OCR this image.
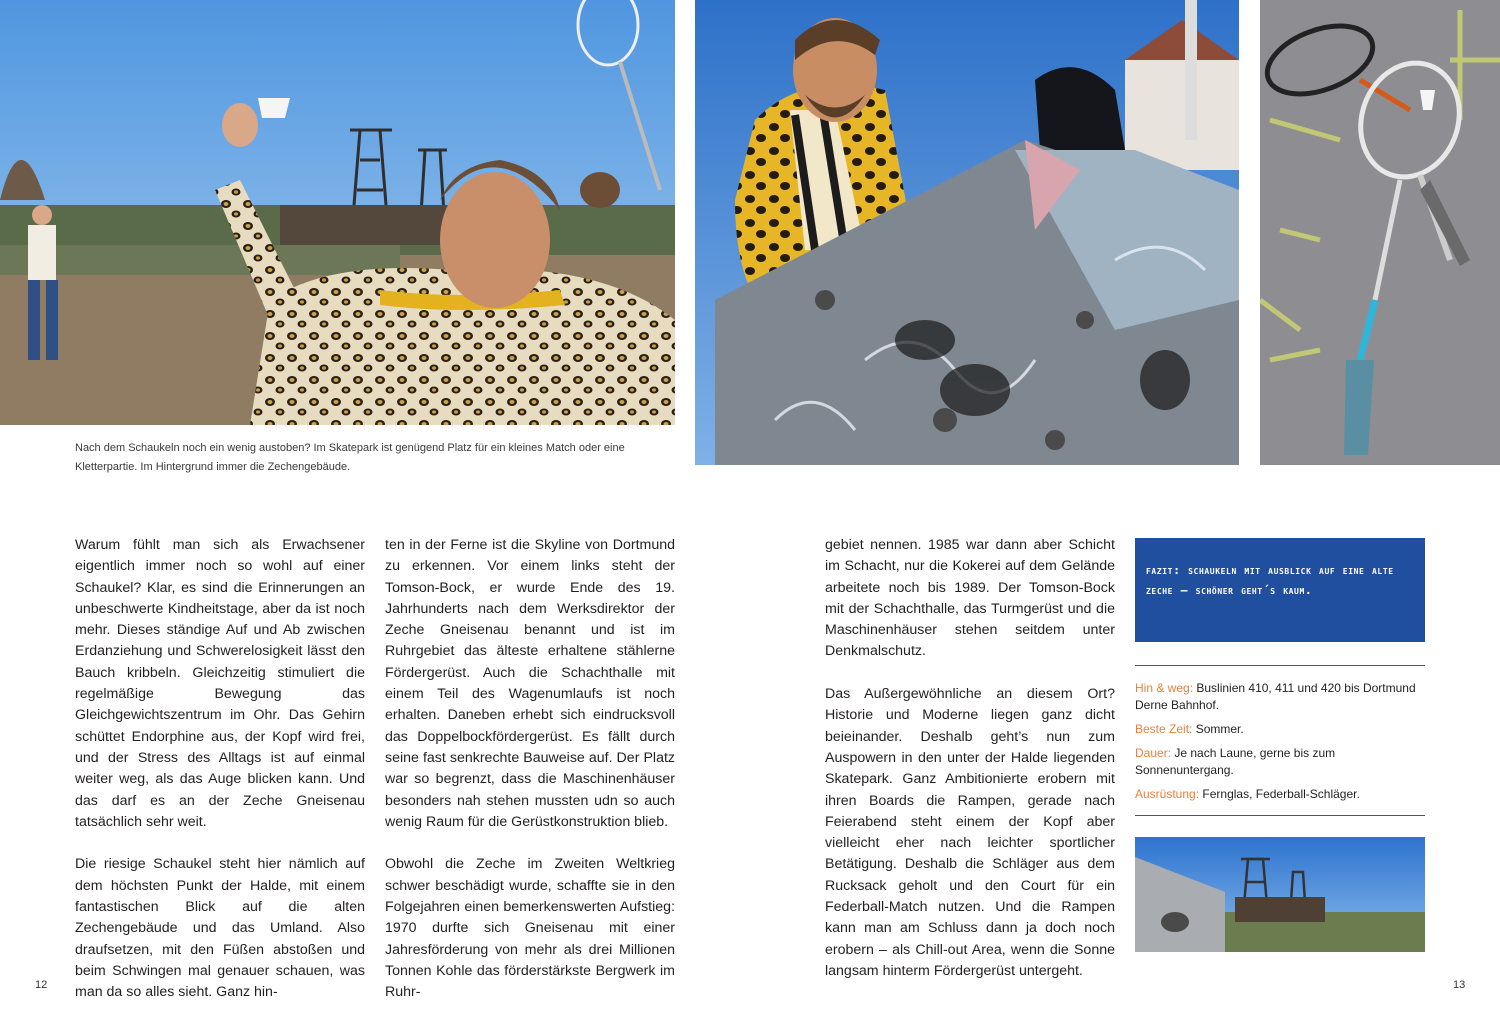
Nach dem Schaukeln noch ein wenig austoben? Im Skatepark ist genügend Platz für ein kleines Match oder eine Kletterpartie. Im Hintergrund immer die Zechengebäude.

Warum fühlt man sich als Erwachsener eigentlich immer noch so wohl auf einer Schaukel? Klar, es sind die Erinnerungen an unbeschwerte Kindheitstage, aber da ist noch mehr. Dieses ständige Auf und Ab zwischen Erdanziehung und Schwerelosigkeit lässt den Bauch kribbeln. Gleichzeitig stimuliert die regelmäßige Bewegung das Gleichgewichtszentrum im Ohr. Das Gehirn schüttet Endorphine aus, der Kopf wird frei, und der Stress des Alltags ist auf einmal weiter weg, als das Auge blicken kann. Und das darf es an der Zeche Gneisenau tatsächlich sehr weit.

Die riesige Schaukel steht hier nämlich auf dem höchsten Punkt der Halde, mit einem fantastischen Blick auf die alten Zechengebäude und das Umland. Also draufsetzen, mit den Füßen abstoßen und beim Schwingen mal genauer schauen, was man da so alles sieht. Ganz hin-

ten in der Ferne ist die Skyline von Dortmund zu erkennen. Vor einem links steht der Tomson-Bock, er wurde Ende des 19. Jahrhunderts nach dem Werksdirektor der Zeche Gneisenau benannt und ist im Ruhrgebiet das älteste erhaltene stählerne Fördergerüst. Auch die Schachthalle mit einem Teil des Wagenumlaufs ist noch erhalten. Daneben erhebt sich eindrucksvoll das Doppelbockfördergerüst. Es fällt durch seine fast senkrechte Bauweise auf. Der Platz war so begrenzt, dass die Maschinenhäuser besonders nah stehen mussten udn so auch wenig Raum für die Gerüstkonstruktion blieb.

Obwohl die Zeche im Zweiten Weltkrieg schwer beschädigt wurde, schaffte sie in den Folgejahren einen bemerkenswerten Aufstieg: 1970 durfte sich Gneisenau mit einer Jahresförderung von mehr als drei Millionen Tonnen Kohle das förderstärkste Bergwerk im Ruhr-

gebiet nennen. 1985 war dann aber Schicht im Schacht, nur die Kokerei auf dem Gelände arbeitete noch bis 1989. Der Tomson-Bock mit der Schachthalle, das Turmgerüst und die Maschinenhäuser stehen seitdem unter Denkmalschutz.

Das Außergewöhnliche an diesem Ort? Historie und Moderne liegen ganz dicht beieinander. Deshalb geht’s nun zum Auspowern in den unter der Halde liegenden Skatepark. Ganz Ambitionierte erobern mit ihren Boards die Rampen, gerade nach Feierabend steht einem der Kopf aber vielleicht eher nach leichter sportlicher Betätigung. Deshalb die Schläger aus dem Rucksack geholt und den Court für ein Federball-Match nutzen. Und die Rampen kann man am Schluss dann ja doch noch erobern – als Chill-out Area, wenn die Sonne langsam hinterm Fördergerüst untergeht.

fazit: schaukeln mit ausblick auf eine alte zeche – schöner geht´s kaum.
Hin & weg: Buslinien 410, 411 und 420 bis Dortmund Derne Bahnhof.
Beste Zeit: Sommer.
Dauer: Je nach Laune, gerne bis zum Sonnenuntergang.
Ausrüstung: Fernglas, Federball-Schläger.
12	13
